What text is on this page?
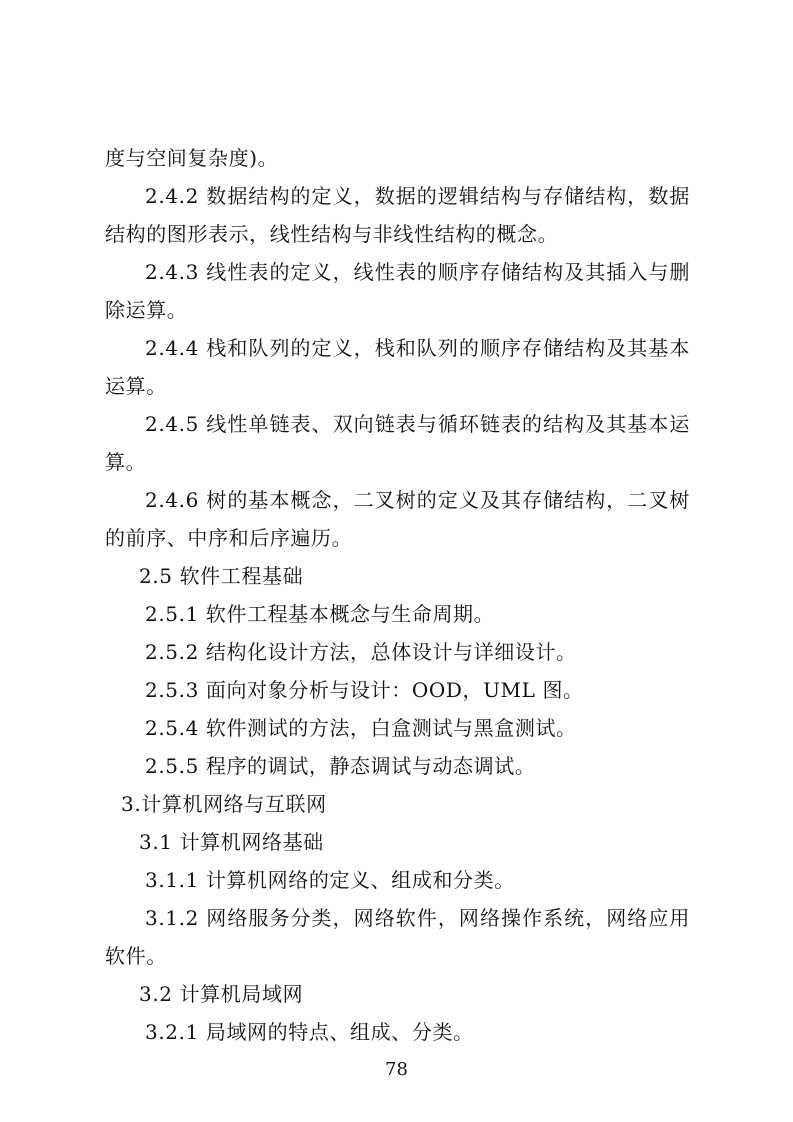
度与空间复杂度)。
2.4.2 数据结构的定义，数据的逻辑结构与存储结构，数据
结构的图形表示，线性结构与非线性结构的概念。
2.4.3 线性表的定义，线性表的顺序存储结构及其插入与删
除运算。
2.4.4 栈和队列的定义，栈和队列的顺序存储结构及其基本
运算。
2.4.5 线性单链表、双向链表与循环链表的结构及其基本运
算。
2.4.6 树的基本概念，二叉树的定义及其存储结构，二叉树
的前序、中序和后序遍历。
2.5 软件工程基础
2.5.1 软件工程基本概念与生命周期。
2.5.2 结构化设计方法，总体设计与详细设计。
2.5.3 面向对象分析与设计：OOD，UML 图。
2.5.4 软件测试的方法，白盒测试与黑盒测试。
2.5.5 程序的调试，静态调试与动态调试。
3.计算机网络与互联网
3.1 计算机网络基础
3.1.1 计算机网络的定义、组成和分类。
3.1.2 网络服务分类，网络软件，网络操作系统，网络应用
软件。
3.2 计算机局域网
3.2.1 局域网的特点、组成、分类。
78
